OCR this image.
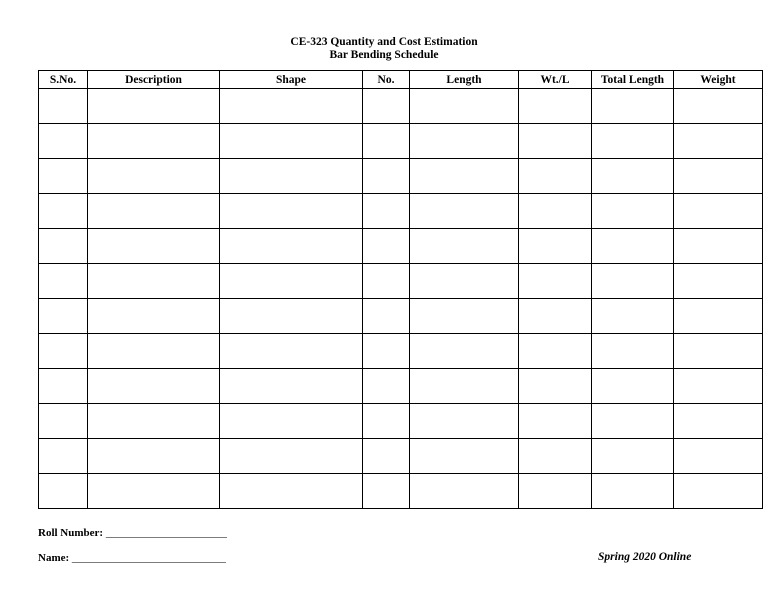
CE-323 Quantity and Cost Estimation
Bar Bending Schedule
S.No.	Description	Shape	No.	Length	Wt./L	Total Length	Weight

Roll Number: ______________________
Name: ____________________________	Spring 2020 Online
